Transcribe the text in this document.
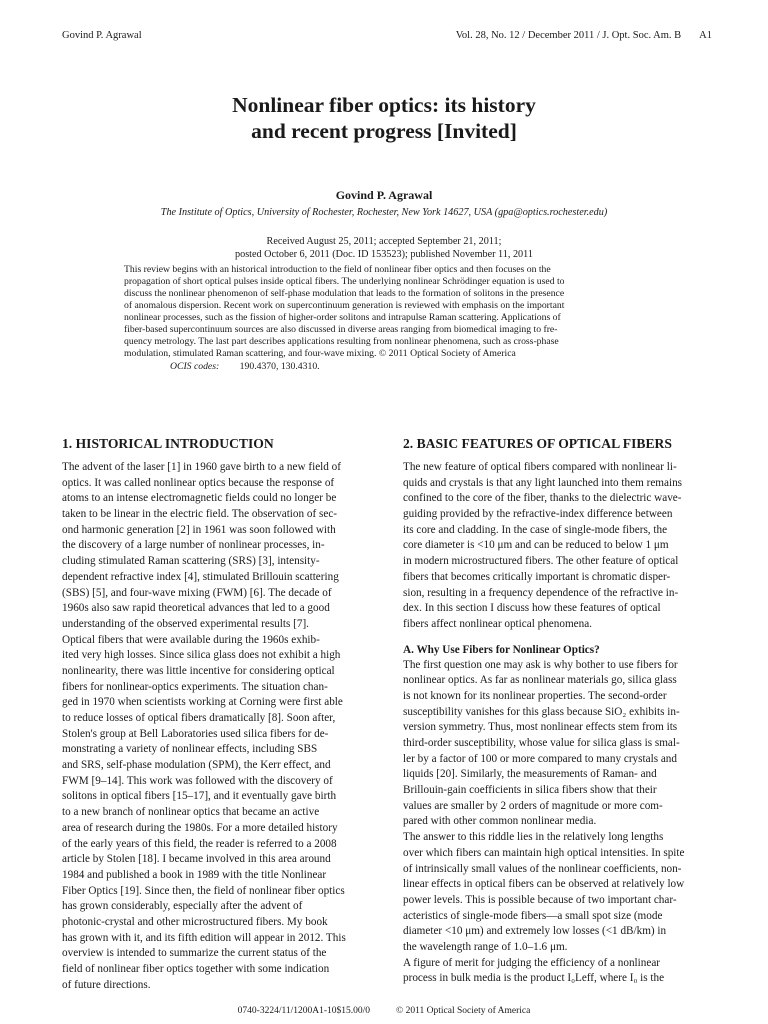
Govind P. Agrawal	Vol. 28, No. 12 / December 2011 / J. Opt. Soc. Am. B A1
Nonlinear fiber optics: its history
and recent progress [Invited]
Govind P. Agrawal
The Institute of Optics, University of Rochester, Rochester, New York 14627, USA (gpa@optics.rochester.edu)
Received August 25, 2011; accepted September 21, 2011;
posted October 6, 2011 (Doc. ID 153523); published November 11, 2011
This review begins with an historical introduction to the field of nonlinear fiber optics and then focuses on the
propagation of short optical pulses inside optical fibers. The underlying nonlinear Schrödinger equation is used to
discuss the nonlinear phenomenon of self-phase modulation that leads to the formation of solitons in the presence
of anomalous dispersion. Recent work on supercontinuum generation is reviewed with emphasis on the important
nonlinear processes, such as the fission of higher-order solitons and intrapulse Raman scattering. Applications of
fiber-based supercontinuum sources are also discussed in diverse areas ranging from biomedical imaging to fre-
quency metrology. The last part describes applications resulting from nonlinear phenomena, such as cross-phase
modulation, stimulated Raman scattering, and four-wave mixing. © 2011 Optical Society of America
OCIS codes: 190.4370, 130.4310.
1. HISTORICAL INTRODUCTION
The advent of the laser [1] in 1960 gave birth to a new field of
optics. It was called nonlinear optics because the response of
atoms to an intense electromagnetic fields could no longer be
taken to be linear in the electric field. The observation of sec-
ond harmonic generation [2] in 1961 was soon followed with
the discovery of a large number of nonlinear processes, in-
cluding stimulated Raman scattering (SRS) [3], intensity-
dependent refractive index [4], stimulated Brillouin scattering
(SBS) [5], and four-wave mixing (FWM) [6]. The decade of
1960s also saw rapid theoretical advances that led to a good
understanding of the observed experimental results [7].
Optical fibers that were available during the 1960s exhib-
ited very high losses. Since silica glass does not exhibit a high
nonlinearity, there was little incentive for considering optical
fibers for nonlinear-optics experiments. The situation chan-
ged in 1970 when scientists working at Corning were first able
to reduce losses of optical fibers dramatically [8]. Soon after,
Stolen's group at Bell Laboratories used silica fibers for de-
monstrating a variety of nonlinear effects, including SBS
and SRS, self-phase modulation (SPM), the Kerr effect, and
FWM [9–14]. This work was followed with the discovery of
solitons in optical fibers [15–17], and it eventually gave birth
to a new branch of nonlinear optics that became an active
area of research during the 1980s. For a more detailed history
of the early years of this field, the reader is referred to a 2008
article by Stolen [18]. I became involved in this area around
1984 and published a book in 1989 with the title Nonlinear
Fiber Optics [19]. Since then, the field of nonlinear fiber optics
has grown considerably, especially after the advent of
photonic-crystal and other microstructured fibers. My book
has grown with it, and its fifth edition will appear in 2012. This
overview is intended to summarize the current status of the
field of nonlinear fiber optics together with some indication
of future directions.
2. BASIC FEATURES OF OPTICAL FIBERS
The new feature of optical fibers compared with nonlinear li-
quids and crystals is that any light launched into them remains
confined to the core of the fiber, thanks to the dielectric wave-
guiding provided by the refractive-index difference between
its core and cladding. In the case of single-mode fibers, the
core diameter is <10 μm and can be reduced to below 1 μm
in modern microstructured fibers. The other feature of optical
fibers that becomes critically important is chromatic disper-
sion, resulting in a frequency dependence of the refractive in-
dex. In this section I discuss how these features of optical
fibers affect nonlinear optical phenomena.
A. Why Use Fibers for Nonlinear Optics?
The first question one may ask is why bother to use fibers for
nonlinear optics. As far as nonlinear materials go, silica glass
is not known for its nonlinear properties. The second-order
susceptibility vanishes for this glass because SiO₂ exhibits in-
version symmetry. Thus, most nonlinear effects stem from its
third-order susceptibility, whose value for silica glass is smal-
ler by a factor of 100 or more compared to many crystals and
liquids [20]. Similarly, the measurements of Raman- and
Brillouin-gain coefficients in silica fibers show that their
values are smaller by 2 orders of magnitude or more com-
pared with other common nonlinear media.
The answer to this riddle lies in the relatively long lengths
over which fibers can maintain high optical intensities. In spite
of intrinsically small values of the nonlinear coefficients, non-
linear effects in optical fibers can be observed at relatively low
power levels. This is possible because of two important char-
acteristics of single-mode fibers—a small spot size (mode
diameter <10 μm) and extremely low losses (<1 dB/km) in
the wavelength range of 1.0–1.6 μm.
A figure of merit for judging the efficiency of a nonlinear
process in bulk media is the product I₀Leff, where I₀ is the
0740-3224/11/1200A1-10$15.00/0	© 2011 Optical Society of America
